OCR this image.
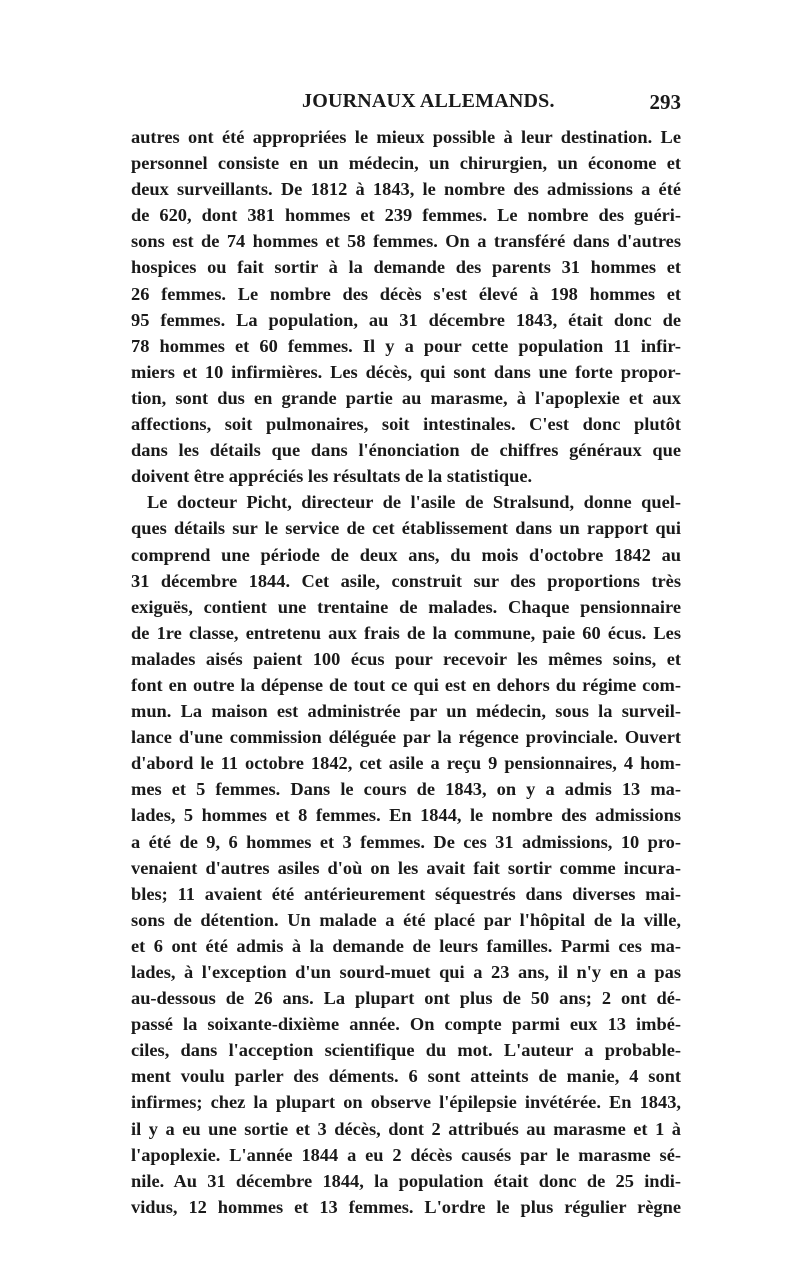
JOURNAUX ALLEMANDS.	293
autres ont été appropriées le mieux possible à leur destination. Le
personnel consiste en un médecin, un chirurgien, un économe et
deux surveillants. De 1812 à 1843, le nombre des admissions a été
de 620, dont 381 hommes et 239 femmes. Le nombre des guéri-
sons est de 74 hommes et 58 femmes. On a transféré dans d'autres
hospices ou fait sortir à la demande des parents 31 hommes et
26 femmes. Le nombre des décès s'est élevé à 198 hommes et
95 femmes. La population, au 31 décembre 1843, était donc de
78 hommes et 60 femmes. Il y a pour cette population 11 infir-
miers et 10 infirmières. Les décès, qui sont dans une forte propor-
tion, sont dus en grande partie au marasme, à l'apoplexie et aux
affections, soit pulmonaires, soit intestinales. C'est donc plutôt
dans les détails que dans l'énonciation de chiffres généraux que
doivent être appréciés les résultats de la statistique.
Le docteur Picht, directeur de l'asile de Stralsund, donne quel-
ques détails sur le service de cet établissement dans un rapport qui
comprend une période de deux ans, du mois d'octobre 1842 au
31 décembre 1844. Cet asile, construit sur des proportions très
exiguës, contient une trentaine de malades. Chaque pensionnaire
de 1re classe, entretenu aux frais de la commune, paie 60 écus. Les
malades aisés paient 100 écus pour recevoir les mêmes soins, et
font en outre la dépense de tout ce qui est en dehors du régime com-
mun. La maison est administrée par un médecin, sous la surveil-
lance d'une commission déléguée par la régence provinciale. Ouvert
d'abord le 11 octobre 1842, cet asile a reçu 9 pensionnaires, 4 hom-
mes et 5 femmes. Dans le cours de 1843, on y a admis 13 ma-
lades, 5 hommes et 8 femmes. En 1844, le nombre des admissions
a été de 9, 6 hommes et 3 femmes. De ces 31 admissions, 10 pro-
venaient d'autres asiles d'où on les avait fait sortir comme incura-
bles; 11 avaient été antérieurement séquestrés dans diverses mai-
sons de détention. Un malade a été placé par l'hôpital de la ville,
et 6 ont été admis à la demande de leurs familles. Parmi ces ma-
lades, à l'exception d'un sourd-muet qui a 23 ans, il n'y en a pas
au-dessous de 26 ans. La plupart ont plus de 50 ans; 2 ont dé-
passé la soixante-dixième année. On compte parmi eux 13 imbé-
ciles, dans l'acception scientifique du mot. L'auteur a probable-
ment voulu parler des déments. 6 sont atteints de manie, 4 sont
infirmes; chez la plupart on observe l'épilepsie invétérée. En 1843,
il y a eu une sortie et 3 décès, dont 2 attribués au marasme et 1 à
l'apoplexie. L'année 1844 a eu 2 décès causés par le marasme sé-
nile. Au 31 décembre 1844, la population était donc de 25 indi-
vidus, 12 hommes et 13 femmes. L'ordre le plus régulier règne
